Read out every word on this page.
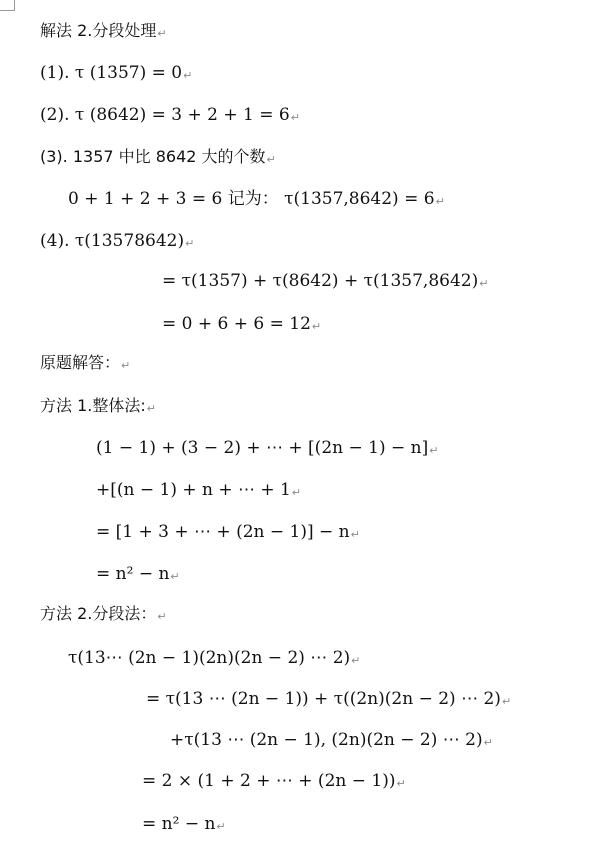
解法 2.分段处理↵
(1). τ (1357) = 0↵
(2). τ (8642) = 3 + 2 + 1 = 6↵
(3). 1357 中比 8642 大的个数↵
0 + 1 + 2 + 3 = 6 记为： τ(1357,8642) = 6↵
(4). τ(13578642)↵
= τ(1357) + τ(8642) + τ(1357,8642)↵
= 0 + 6 + 6 = 12↵
原题解答：↵
方法 1.整体法:↵
(1 − 1) + (3 − 2) + ⋯ + [(2n − 1) − n]↵
+[(n − 1) + n + ⋯ + 1↵
= [1 + 3 + ⋯ + (2n − 1)] − n↵
= n² − n↵
方法 2.分段法：↵
τ(13⋯ (2n − 1)(2n)(2n − 2) ⋯ 2)↵
= τ(13 ⋯ (2n − 1)) + τ((2n)(2n − 2) ⋯ 2)↵
+τ(13 ⋯ (2n − 1), (2n)(2n − 2) ⋯ 2)↵
= 2 × (1 + 2 + ⋯ + (2n − 1))↵
= n² − n↵
